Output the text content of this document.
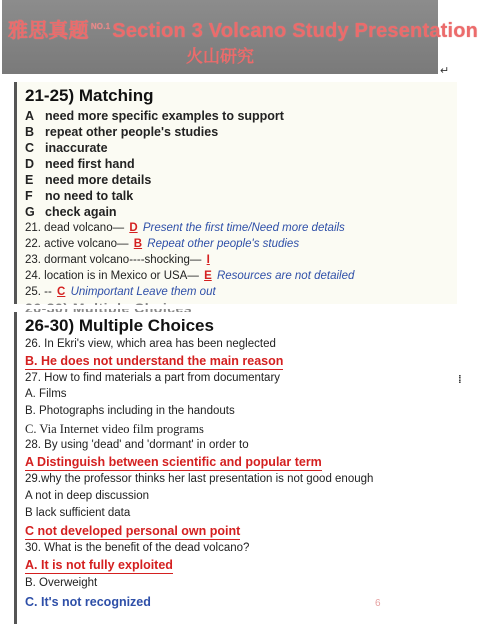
雅思真题 $^{NO.1}$ Section 3 Volcano Study Presentation
火山研究
↵
21-25) Matching
A need more specific examples to support
B repeat other people's studies
C inaccurate
D need first hand
E need more details
F no need to talk
G check again
21. dead volcano— D Present the first time/Need more details
22. active volcano— B Repeat other people's studies
23. dormant volcano----shocking— I
24. location is in Mexico or USA— E Resources are not detailed
25. -- C Unimportant Leave them out
26-30) Multiple Choices
26. In Ekri's view, which area has been neglected
B. He does not understand the main reason
27. How to find materials a part from documentary
A. Films
B. Photographs including in the handouts
C. Via Internet video film programs
28. By using 'dead' and 'dormant' in order to
A Distinguish between scientific and popular term
29.why the professor thinks her last presentation is not good enough
A not in deep discussion
B lack sufficient data
C not developed personal own point
30. What is the benefit of the dead volcano?
A. It is not fully exploited
B. Overweight
C. It's not recognized	6
⁞
